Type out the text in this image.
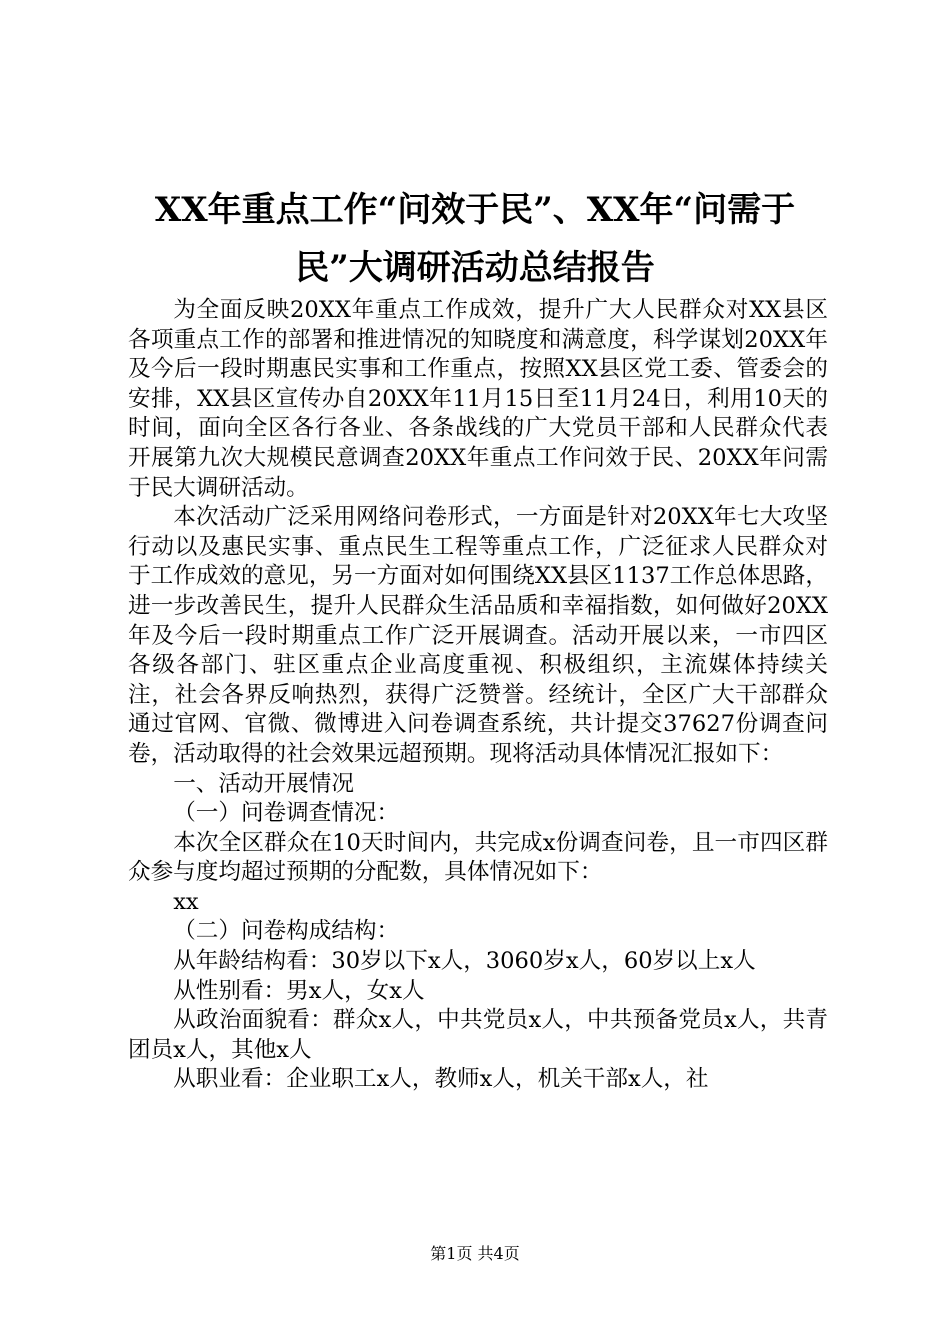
XX年重点工作“问效于民”、XX年“问需于
民”大调研活动总结报告

为全面反映20XX年重点工作成效，提升广大人民群众对XX县区各项重点工作的部署和推进情况的知晓度和满意度，科学谋划20XX年及今后一段时期惠民实事和工作重点，按照XX县区党工委、管委会的安排，XX县区宣传办自20XX年11月15日至11月24日，利用10天的时间，面向全区各行各业、各条战线的广大党员干部和人民群众代表开展第九次大规模民意调查20XX年重点工作问效于民、20XX年问需于民大调研活动。

本次活动广泛采用网络问卷形式，一方面是针对20XX年七大攻坚行动以及惠民实事、重点民生工程等重点工作，广泛征求人民群众对于工作成效的意见，另一方面对如何围绕XX县区1137工作总体思路，进一步改善民生，提升人民群众生活品质和幸福指数，如何做好20XX年及今后一段时期重点工作广泛开展调查。活动开展以来，一市四区各级各部门、驻区重点企业高度重视、积极组织，主流媒体持续关注，社会各界反响热烈，获得广泛赞誉。经统计，全区广大干部群众通过官网、官微、微博进入问卷调查系统，共计提交37627份调查问卷，活动取得的社会效果远超预期。现将活动具体情况汇报如下：

一、活动开展情况

（一）问卷调查情况：

本次全区群众在10天时间内，共完成x份调查问卷，且一市四区群众参与度均超过预期的分配数，具体情况如下：

xx

（二）问卷构成结构：

从年龄结构看：30岁以下x人，3060岁x人，60岁以上x人

从性别看：男x人，女x人

从政治面貌看：群众x人，中共党员x人，中共预备党员x人，共青团员x人，其他x人

从职业看：企业职工x人，教师x人，机关干部x人，社

第1页 共4页
